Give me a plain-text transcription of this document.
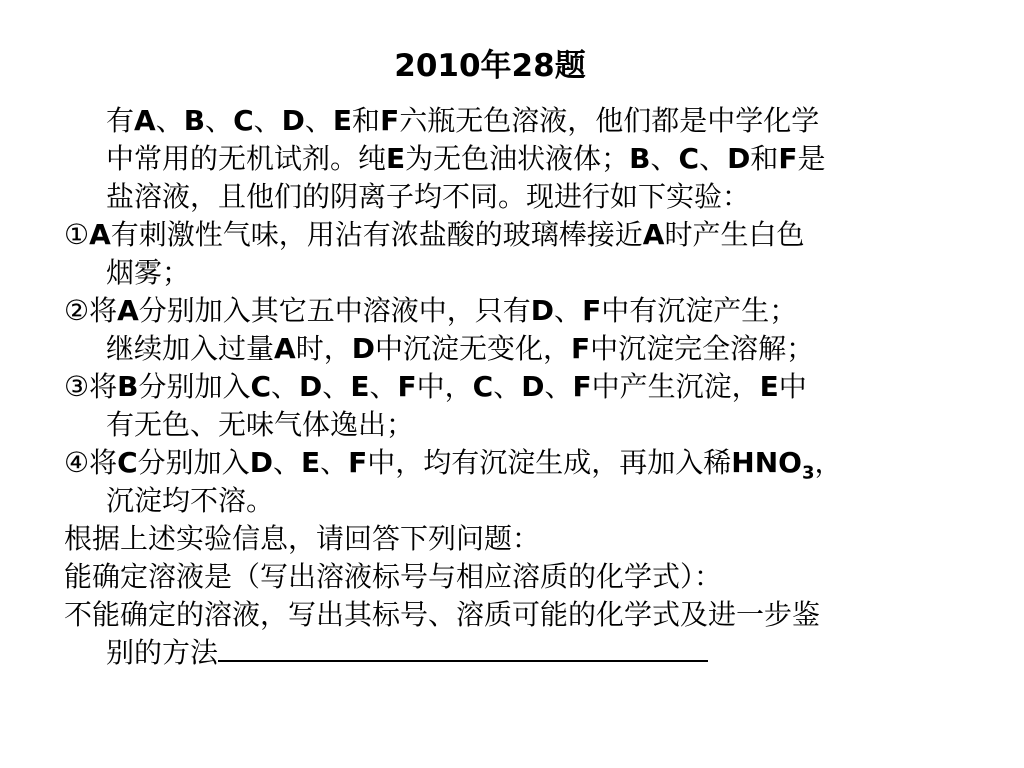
2010年28题
有A、B、C、D、E和F六瓶无色溶液，他们都是中学化学
中常用的无机试剂。纯E为无色油状液体；B、C、D和F是
盐溶液，且他们的阴离子均不同。现进行如下实验：
①A有刺激性气味，用沾有浓盐酸的玻璃棒接近A时产生白色
烟雾；
②将A分别加入其它五中溶液中，只有D、F中有沉淀产生；
继续加入过量A时，D中沉淀无变化，F中沉淀完全溶解；
③将B分别加入C、D、E、F中，C、D、F中产生沉淀，E中
有无色、无味气体逸出；
④将C分别加入D、E、F中，均有沉淀生成，再加入稀$HNO_3$，
沉淀均不溶。
根据上述实验信息，请回答下列问题：
能确定溶液是（写出溶液标号与相应溶质的化学式）：
不能确定的溶液，写出其标号、溶质可能的化学式及进一步鉴
别的方法
